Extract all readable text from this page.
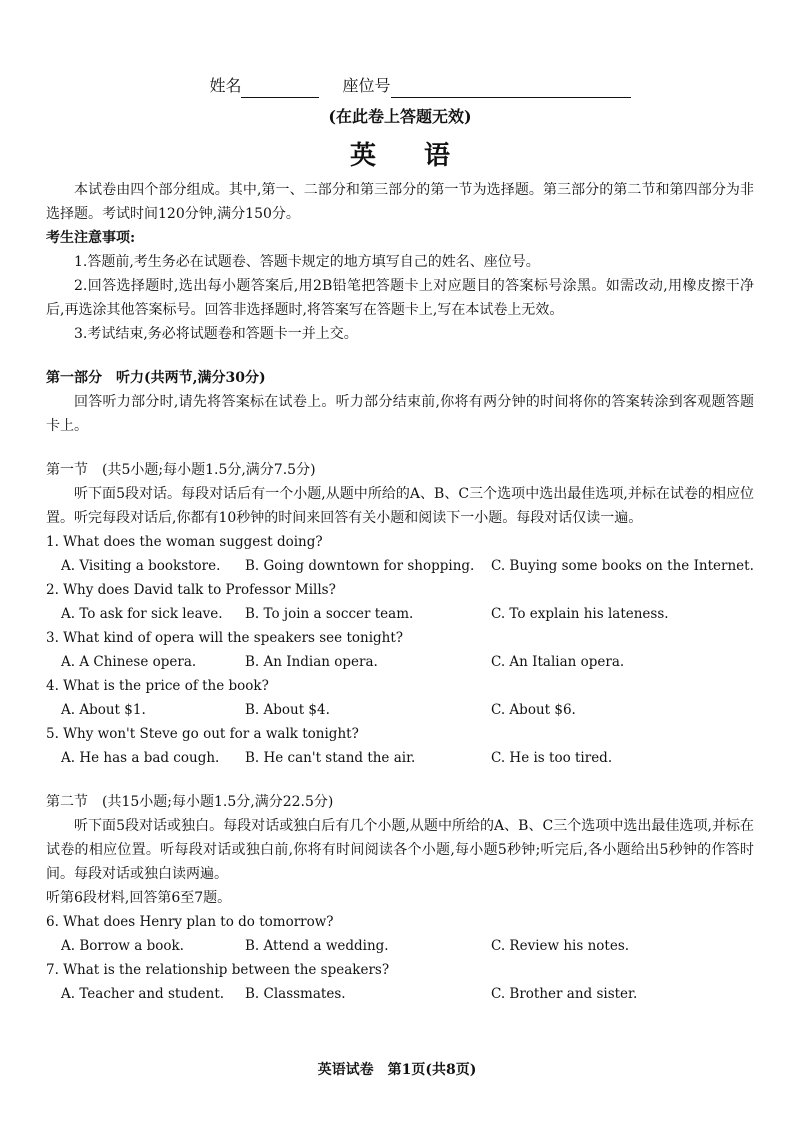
姓名	座位号
(在此卷上答题无效)
英语

本试卷由四个部分组成。其中,第一、二部分和第三部分的第一节为选择题。第三部分的第二节和第四部分为非选择题。考试时间120分钟,满分150分。

考生注意事项:

1.答题前,考生务必在试题卷、答题卡规定的地方填写自己的姓名、座位号。

2.回答选择题时,选出每小题答案后,用2B铅笔把答题卡上对应题目的答案标号涂黑。如需改动,用橡皮擦干净后,再选涂其他答案标号。回答非选择题时,将答案写在答题卡上,写在本试卷上无效。

3.考试结束,务必将试题卷和答题卡一并上交。

第一部分　听力(共两节,满分30分)

回答听力部分时,请先将答案标在试卷上。听力部分结束前,你将有两分钟的时间将你的答案转涂到客观题答题卡上。

第一节　(共5小题;每小题1.5分,满分7.5分)

听下面5段对话。每段对话后有一个小题,从题中所给的A、B、C三个选项中选出最佳选项,并标在试卷的相应位置。听完每段对话后,你都有10秒钟的时间来回答有关小题和阅读下一小题。每段对话仅读一遍。

1. What does the woman suggest doing?

A. Visiting a bookstore.	B. Going downtown for shopping.	C. Buying some books on the Internet.

2. Why does David talk to Professor Mills?

A. To ask for sick leave.	B. To join a soccer team.	C. To explain his lateness.

3. What kind of opera will the speakers see tonight?

A. A Chinese opera.	B. An Indian opera.	C. An Italian opera.

4. What is the price of the book?

A. About $1.	B. About $4.	C. About $6.

5. Why won't Steve go out for a walk tonight?

A. He has a bad cough.	B. He can't stand the air.	C. He is too tired.

第二节　(共15小题;每小题1.5分,满分22.5分)

听下面5段对话或独白。每段对话或独白后有几个小题,从题中所给的A、B、C三个选项中选出最佳选项,并标在试卷的相应位置。听每段对话或独白前,你将有时间阅读各个小题,每小题5秒钟;听完后,各小题给出5秒钟的作答时间。每段对话或独白读两遍。

听第6段材料,回答第6至7题。

6. What does Henry plan to do tomorrow?

A. Borrow a book.	B. Attend a wedding.	C. Review his notes.

7. What is the relationship between the speakers?

A. Teacher and student.	B. Classmates.	C. Brother and sister.
英语试卷　第1页(共8页)
